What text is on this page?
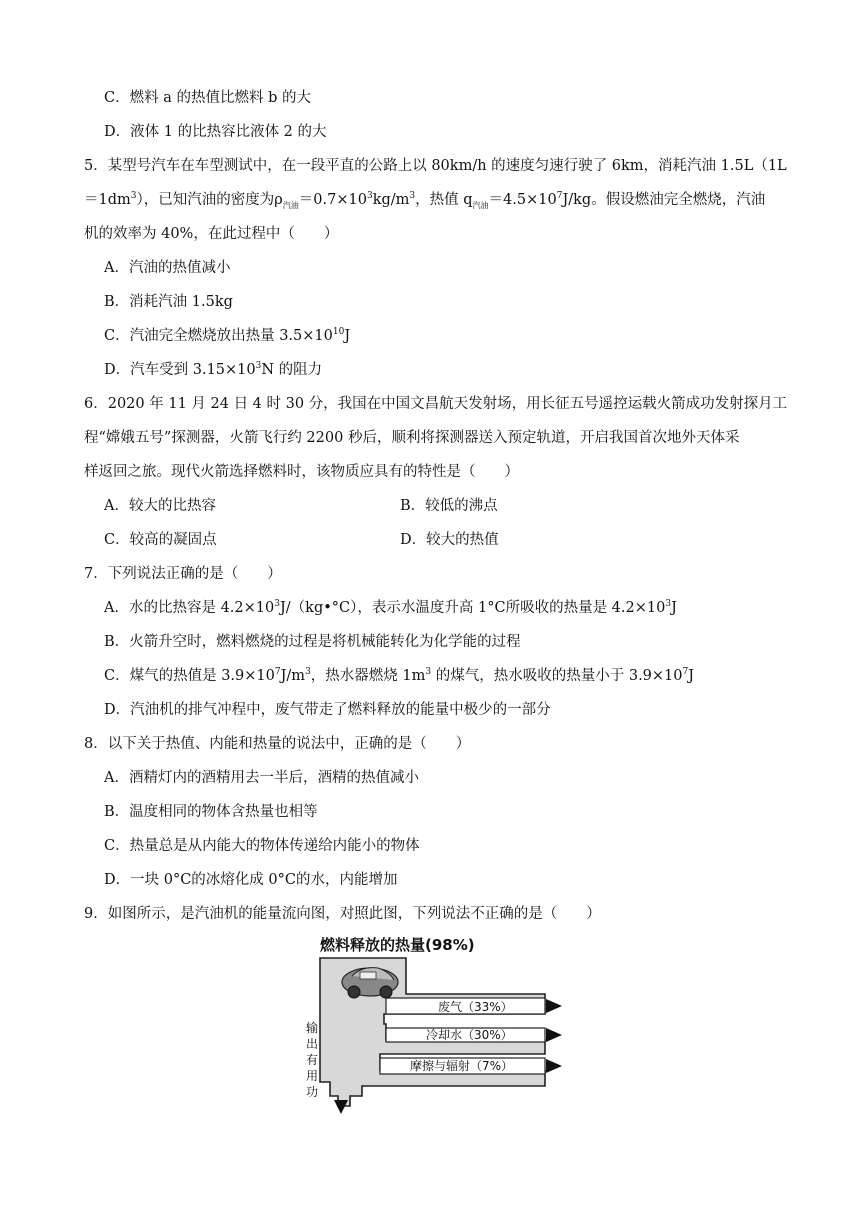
C．燃料 a 的热值比燃料 b 的大
D．液体 1 的比热容比液体 2 的大
5．某型号汽车在车型测试中，在一段平直的公路上以 80km/h 的速度匀速行驶了 6km，消耗汽油 1.5L（1L
$=1dm^3$），已知汽油的密度为$\rho_{汽油}=0.7\times 10^3kg/m^3$，热值 $q_{汽油}=4.5\times 10^7J/kg$。假设燃油完全燃烧，汽油
机的效率为 40%，在此过程中（　　）
A．汽油的热值减小
B．消耗汽油 1.5kg
C．汽油完全燃烧放出热量 $3.5\times 10^{10}J$
D．汽车受到 $3.15\times 10^3N$ 的阻力
6．2020 年 11 月 24 日 4 时 30 分，我国在中国文昌航天发射场，用长征五号遥控运载火箭成功发射探月工
程“嫦娥五号”探测器，火箭飞行约 2200 秒后，顺利将探测器送入预定轨道，开启我国首次地外天体采
样返回之旅。现代火箭选择燃料时，该物质应具有的特性是（　　）
A．较大的比热容	B．较低的沸点
C．较高的凝固点	D．较大的热值
7．下列说法正确的是（　　）
A．水的比热容是 $4.2\times 10^3J/(kg•^\circ C)$，表示水温度升高 1°C所吸收的热量是 $4.2\times 10^3J$
B．火箭升空时，燃料燃烧的过程是将机械能转化为化学能的过程
C．煤气的热值是 $3.9\times 10^7J/m^3$，热水器燃烧 $1m^3$ 的煤气，热水吸收的热量小于 $3.9\times 10^7J$
D．汽油机的排气冲程中，废气带走了燃料释放的能量中极少的一部分
8．以下关于热值、内能和热量的说法中，正确的是（　　）
A．酒精灯内的酒精用去一半后，酒精的热值减小
B．温度相同的物体含热量也相等
C．热量总是从内能大的物体传递给内能小的物体
D．一块 0°C的冰熔化成 0°C的水，内能增加
9．如图所示，是汽油机的能量流向图，对照此图，下列说法不正确的是（　　）
燃料释放的热量(98%)
废气（33%）
冷却水（30%）
摩擦与辐射（7%）
输
出
有
用
功
